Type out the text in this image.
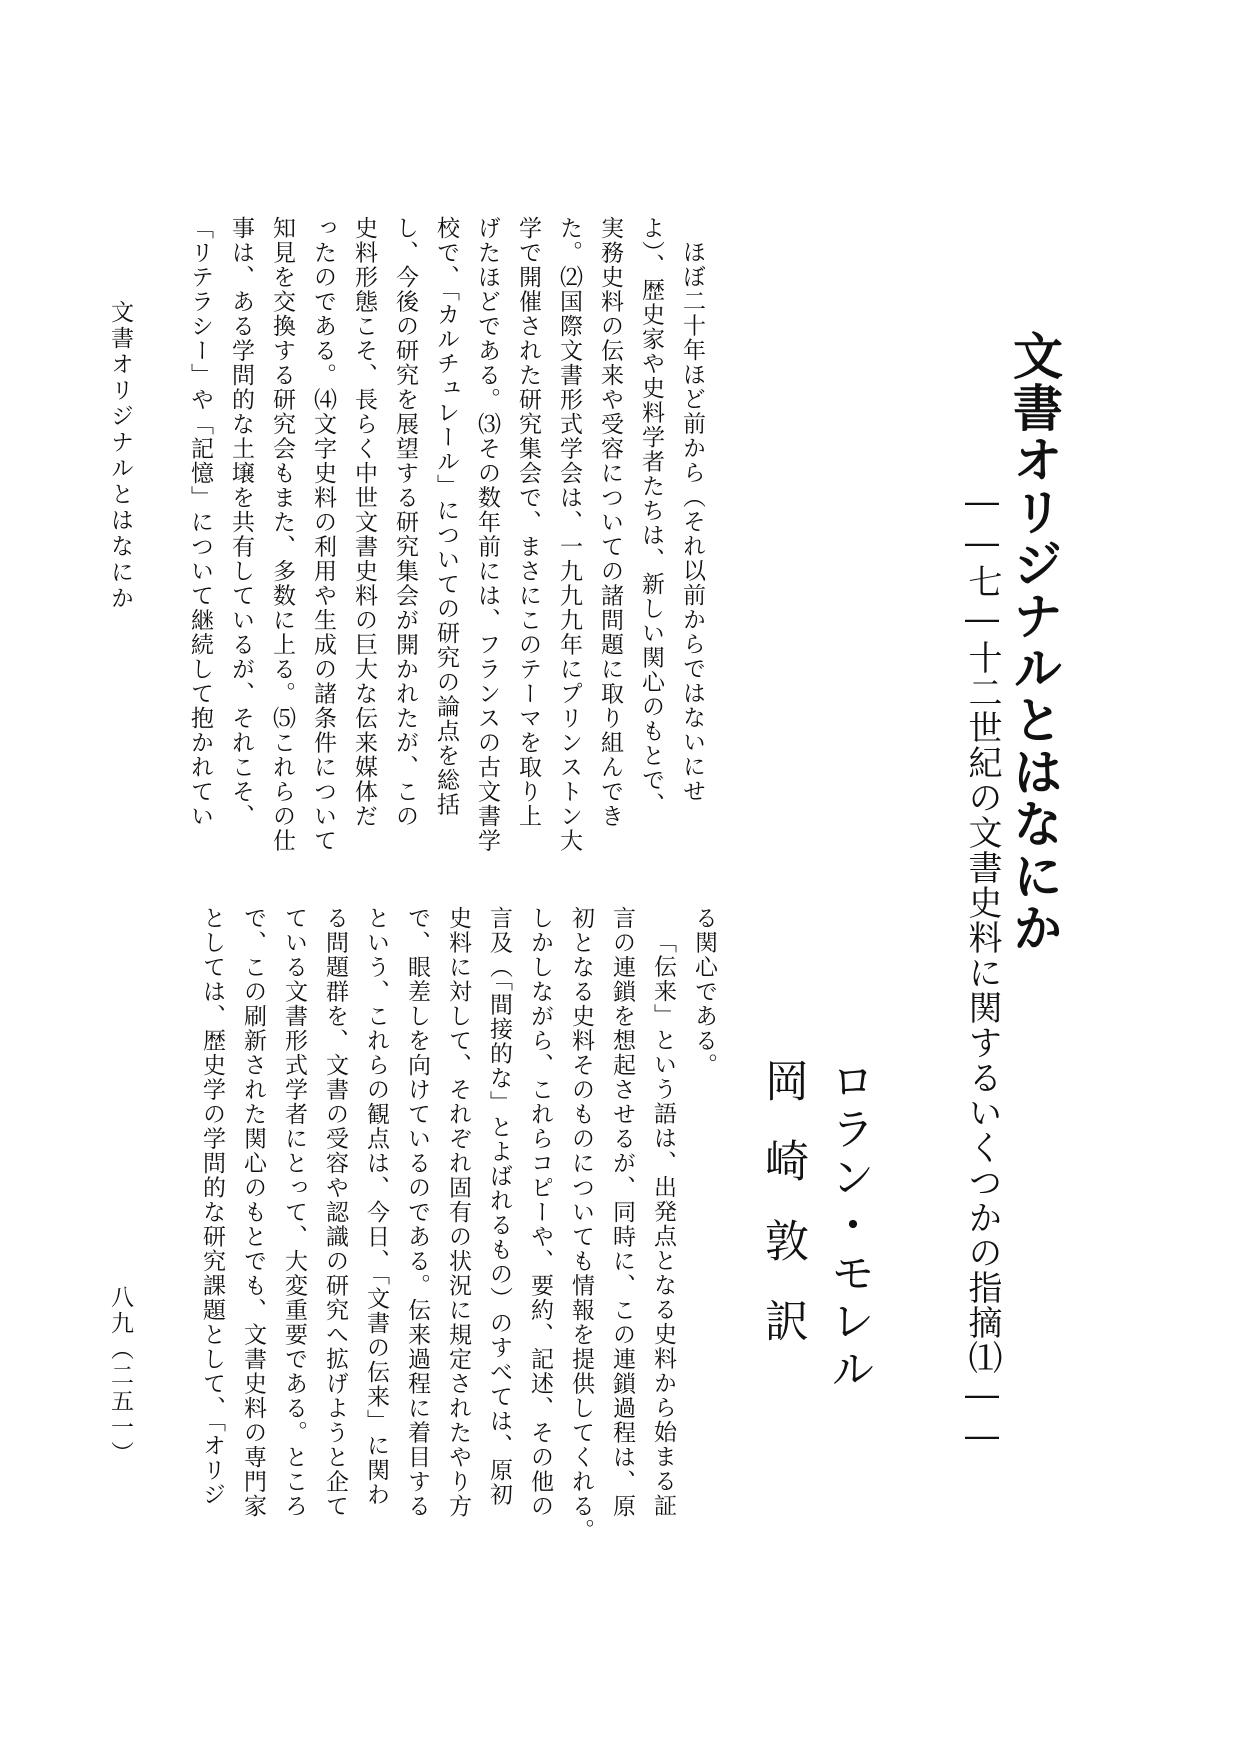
文書オリジナルとはなにか
――七―十二世紀の文書史料に関するいくつかの指摘⑴――
ロラン・モレル
岡崎敦訳
ほぼ二十年ほど前から（それ以前からではないにせ
よ）、歴史家や史料学者たちは、新しい関心のもとで、
実務史料の伝来や受容についての諸問題に取り組んでき
た。⑵国際文書形式学会は、一九九九年にプリンストン大
学で開催された研究集会で、まさにこのテーマを取り上
げたほどである。⑶その数年前には、フランスの古文書学
校で、「カルチュレール」についての研究の論点を総括
し、今後の研究を展望する研究集会が開かれたが、この
史料形態こそ、長らく中世文書史料の巨大な伝来媒体だ
ったのである。⑷文字史料の利用や生成の諸条件について
知見を交換する研究会もまた、多数に上る。⑸これらの仕
事は、ある学問的な土壌を共有しているが、それこそ、
「リテラシー」や「記憶」について継続して抱かれてい
る関心である。
「伝来」という語は、出発点となる史料から始まる証
言の連鎖を想起させるが、同時に、この連鎖過程は、原
初となる史料そのものについても情報を提供してくれる。
しかしながら、これらコピーや、要約、記述、その他の
言及（「間接的な」とよばれるもの）のすべては、原初
史料に対して、それぞれ固有の状況に規定されたやり方
で、眼差しを向けているのである。伝来過程に着目する
という、これらの観点は、今日、「文書の伝来」に関わ
る問題群を、文書の受容や認識の研究へ拡げようと企て
ている文書形式学者にとって、大変重要である。ところ
で、この刷新された関心のもとでも、文書史料の専門家
としては、歴史学の学問的な研究課題として、「オリジ
文書オリジナルとはなにか
八九（二五一）
